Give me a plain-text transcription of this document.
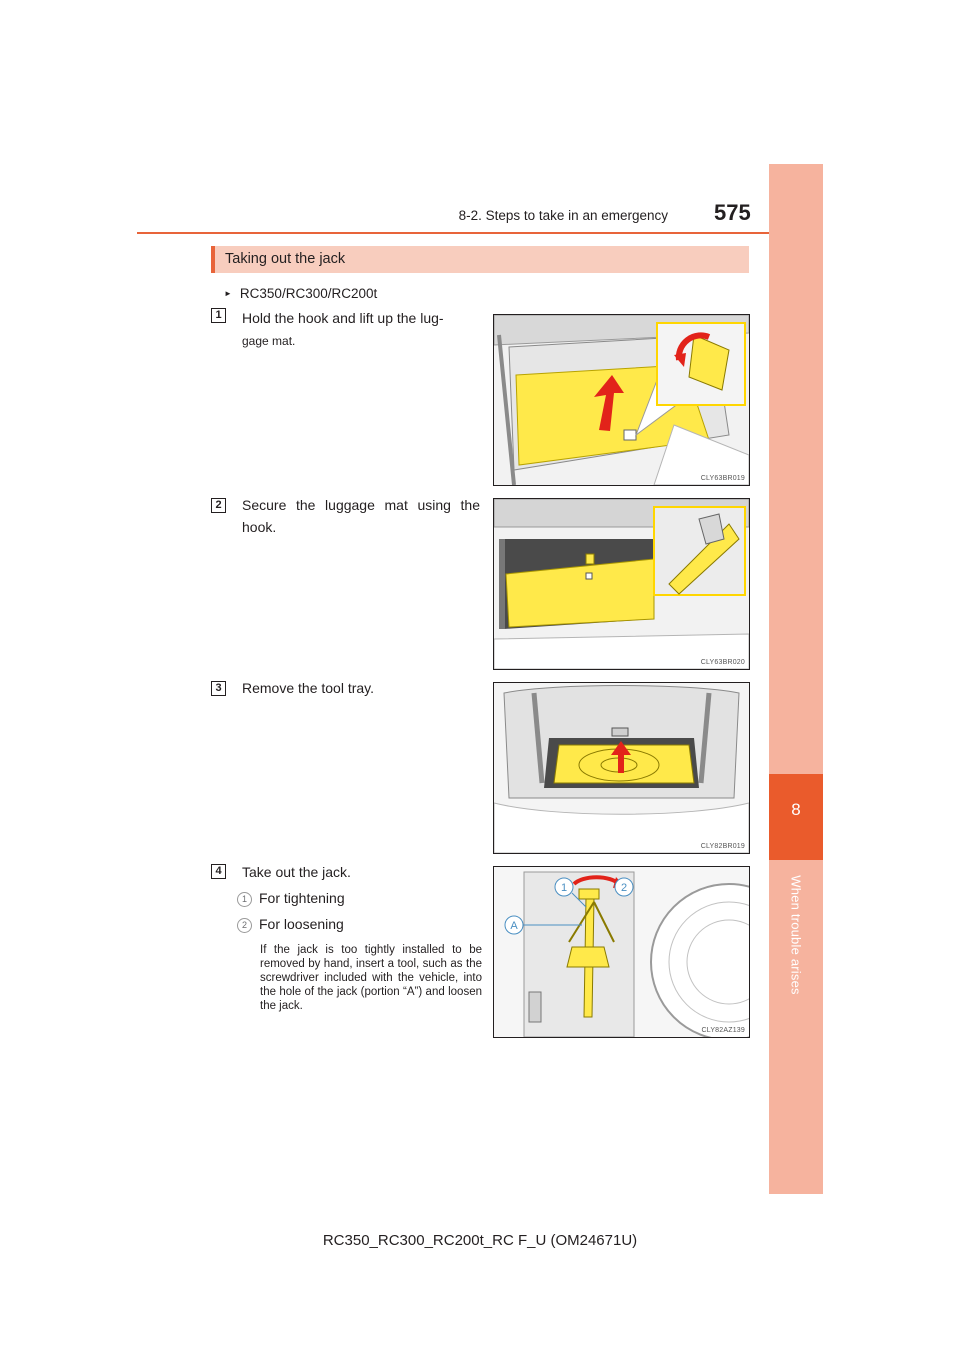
8-2. Steps to take in an emergency 575
8
When trouble arises
Taking out the jack
► RC350/RC300/RC200t
1	Hold the hook and lift up the lug-
gage mat.
CLY63BR019
2	Secure the luggage mat using the hook.
CLY63BR020
3	Remove the tool tray.
CLY82BR019
4	Take out the jack.
1 For tightening
2 For loosening
If the jack is too tightly installed to be removed by hand, insert a tool, such as the screwdriver included with the vehicle, into the hole of the jack (portion “A”) and loosen the jack.
1	2
A
CLY82AZ139
RC350_RC300_RC200t_RC F_U (OM24671U)
